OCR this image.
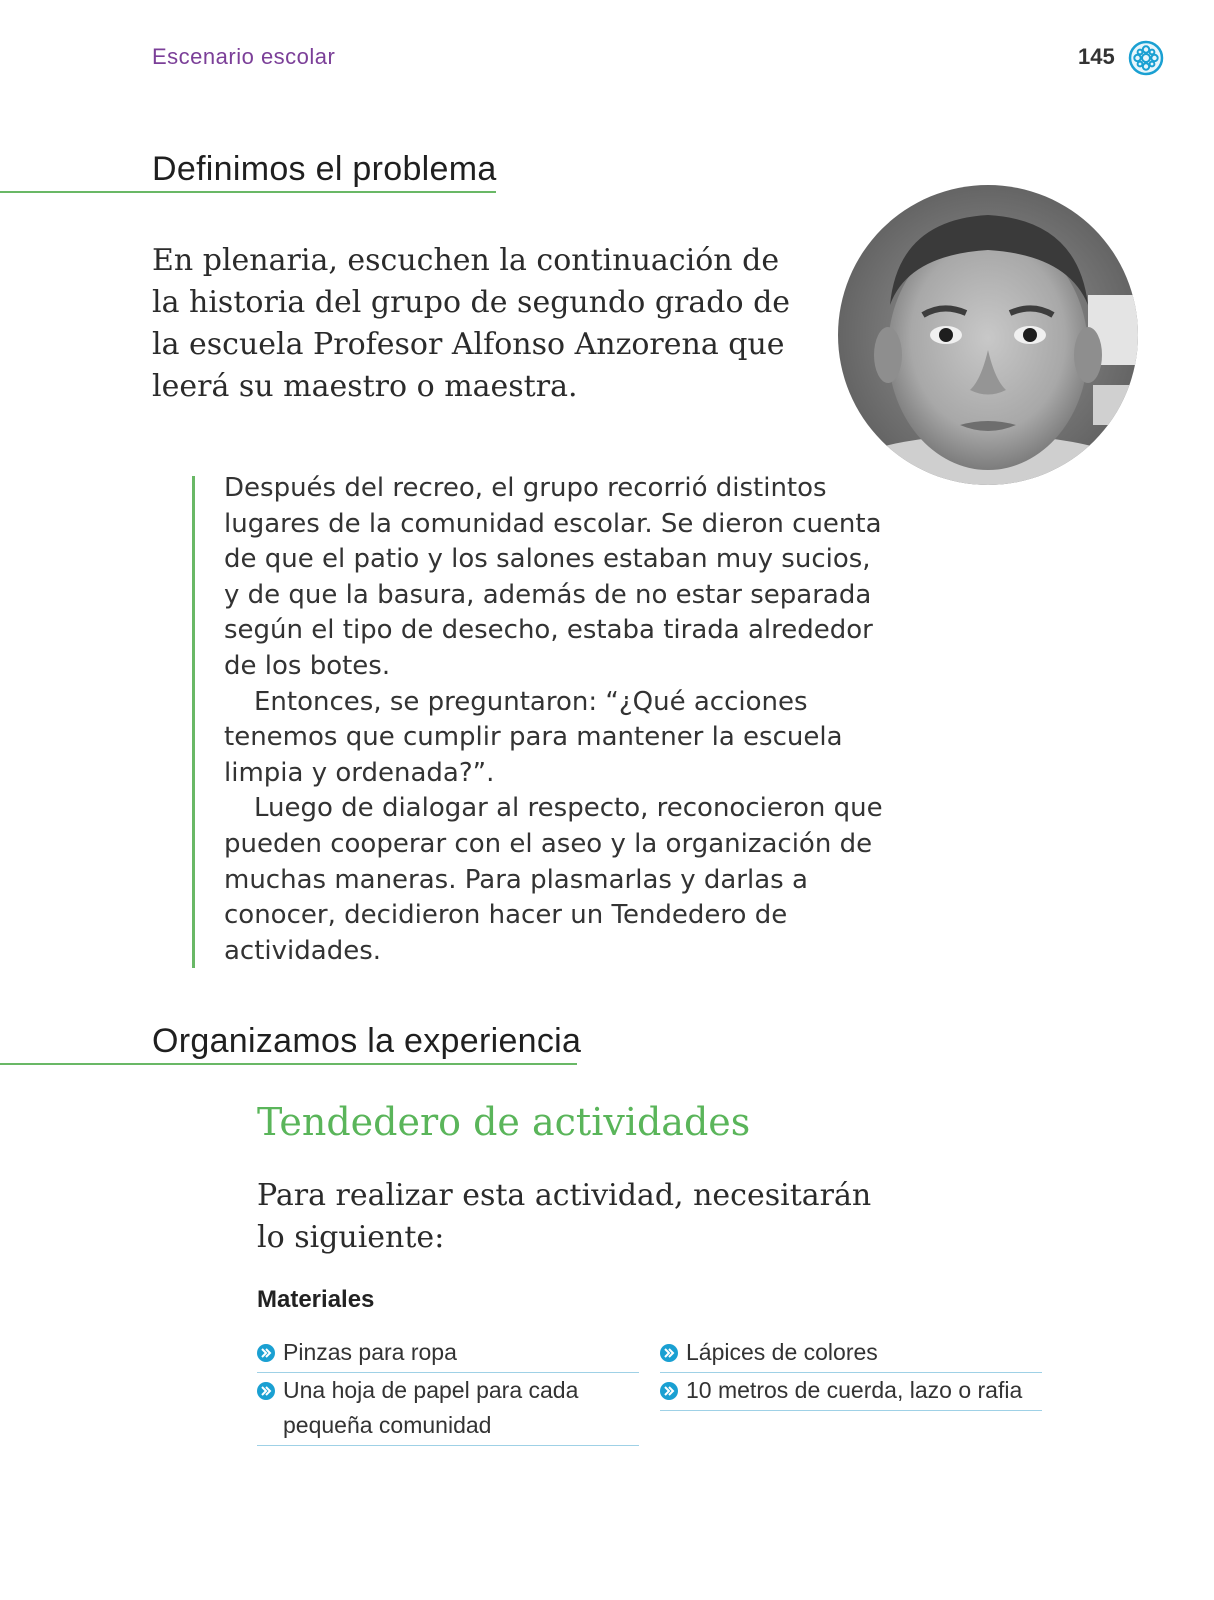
Escenario escolar	145
Definimos el problema
En plenaria, escuchen la continuación de la historia del grupo de segundo grado de la escuela Profesor Alfonso Anzorena que leerá su maestro o maestra.

Después del recreo, el grupo recorrió distintos lugares de la comunidad escolar. Se dieron cuenta de que el patio y los salones estaban muy sucios, y de que la basura, además de no estar separada según el tipo de desecho, estaba tirada alrededor de los botes.

Entonces, se preguntaron: “¿Qué acciones tenemos que cumplir para mantener la escuela limpia y ordenada?”.

Luego de dialogar al respecto, reconocieron que pueden cooperar con el aseo y la organización de muchas maneras. Para plasmarlas y darlas a conocer, decidieron hacer un Tendedero de actividades.

Organizamos la experiencia
Tendedero de actividades
Para realizar esta actividad, necesitarán lo siguiente:
Materiales
Pinzas para ropa
Una hoja de papel para cada pequeña comunidad
Lápices de colores
10 metros de cuerda, lazo o rafia
